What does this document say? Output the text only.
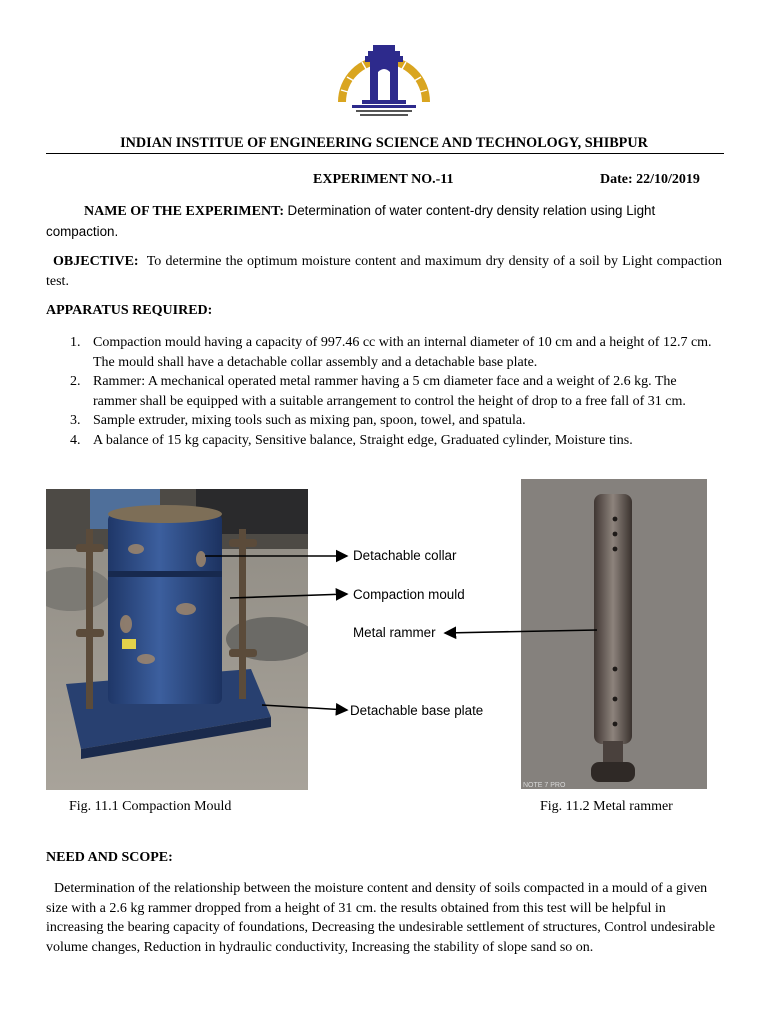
INDIAN INSTITUE OF ENGINEERING SCIENCE AND TECHNOLOGY, SHIBPUR
EXPERIMENT NO.-11	Date: 22/10/2019
NAME OF THE EXPERIMENT: Determination of water content-dry density relation using Light
compaction.
OBJECTIVE: To determine the optimum moisture content and maximum dry density of a soil by Light compaction test.
APPARATUS REQUIRED:
1. Compaction mould having a capacity of 997.46 cc with an internal diameter of 10 cm and a height of 12.7 cm. The mould shall have a detachable collar assembly and a detachable base plate.
2. Rammer: A mechanical operated metal rammer having a 5 cm diameter face and a weight of 2.6 kg. The rammer shall be equipped with a suitable arrangement to control the height of drop to a free fall of 31 cm.
3. Sample extruder, mixing tools such as mixing pan, spoon, towel, and spatula.
4. A balance of 15 kg capacity, Sensitive balance, Straight edge, Graduated cylinder, Moisture tins.
NOTE 7 PRO
Detachable collar
Compaction mould
Metal rammer
Detachable base plate
Fig. 11.1 Compaction Mould	Fig. 11.2 Metal rammer
NEED AND SCOPE:
Determination of the relationship between the moisture content and density of soils compacted in a mould of a given size with a 2.6 kg rammer dropped from a height of 31 cm. the results obtained from this test will be helpful in increasing the bearing capacity of foundations, Decreasing the undesirable settlement of structures, Control undesirable volume changes, Reduction in hydraulic conductivity, Increasing the stability of slope sand so on.
